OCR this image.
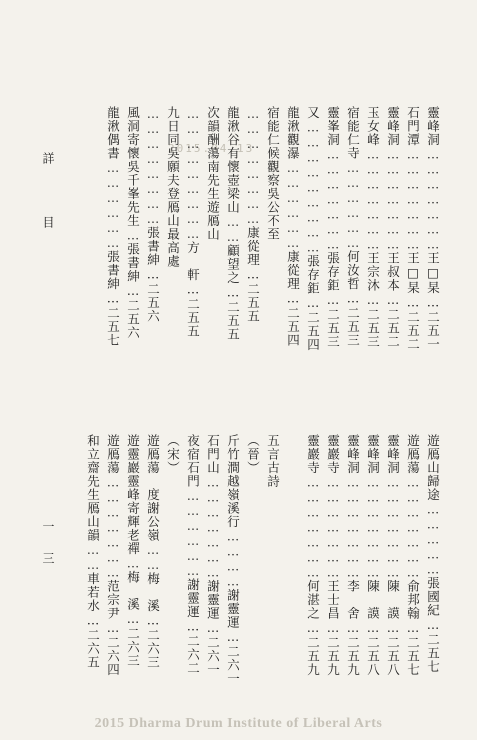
2015.04.13
靈峰洞…………………王□杲…二五一
石門潭…………………王□杲…二五二
靈峰洞…………………王叔本…二五二
玉女峰…………………王宗沐…二五三
宿能仁寺………………何汝哲…二五三
靈峯洞…………………張存鉅…二五三
又………………………張存鉅…二五四
龍湫觀瀑………………康從理…二五四
宿能仁候觀察吳公不至
……………………康從理…二五五
龍湫谷有懷壺梁山……顧望之…二五五
次韻酬蕩南先生遊鴈山
………………………方　軒…二五五
九日同吳願夫登鴈山最高處
……………………張書紳…二五六
風洞寄懷吳千峯先生…張書紳…二五六
龍湫偶書………………張書紳…二五七
遊鴈山歸途……………張國紀…二五七
遊鴈蕩…………………俞邦翰…二五七
靈峰洞…………………陳　謨…二五八
靈峰洞…………………陳　謨…二五八
靈峰洞…………………李　舍…二五九
靈巖寺…………………王士昌…二五九
靈巖寺…………………何湛之…二五九
五言古詩
（晉）
斤竹澗越嶺溪行…………謝靈運…二六一
石門山…………………謝靈運…二六一
夜宿石門………………謝靈運…二六二
（宋）
遊鴈蕩　度謝公嶺……梅　溪…二六三
遊靈巖靈峰寄輝老禪…梅　溪…二六三
遊鴈蕩…………………范宗尹…二六四
和立齋先生鴈山韻……車若水…二六五
詳　目
一三
2015 Dharma Drum Institute of Liberal Arts
